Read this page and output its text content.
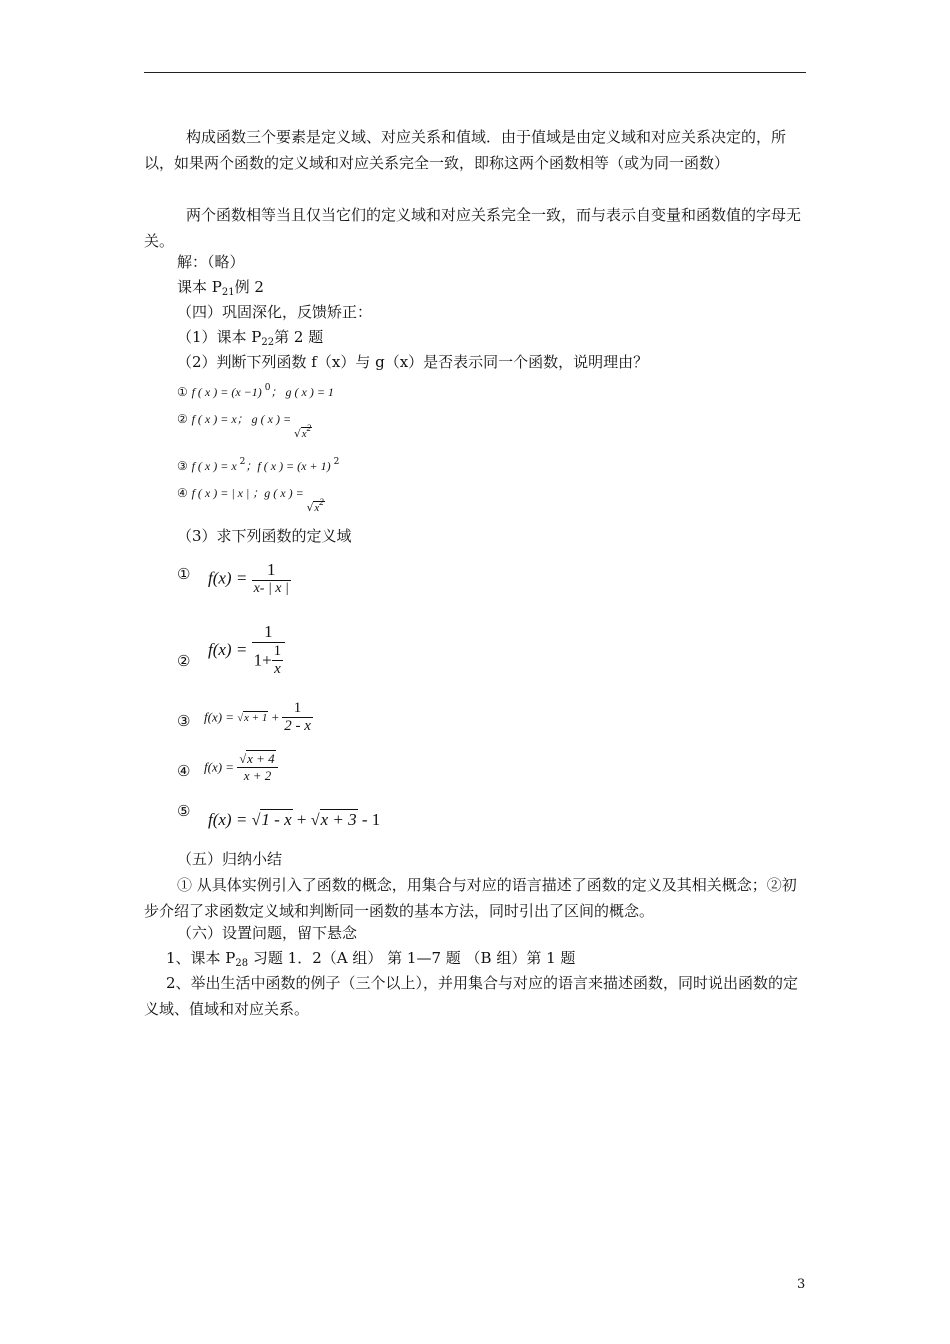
构成函数三个要素是定义域、对应关系和值域．由于值域是由定义域和对应关系决定的，所以，如果两个函数的定义域和对应关系完全一致，即称这两个函数相等（或为同一函数）
两个函数相等当且仅当它们的定义域和对应关系完全一致，而与表示自变量和函数值的字母无关。
解：（略）
课本 $P_{21}$例 2
（四）巩固深化，反馈矫正：
（1）课本 $P_{22}$第 2 题
（2）判断下列函数 f（x）与 g（x）是否表示同一个函数，说明理由？
① f ( x ) = (x −1) $^0$； g ( x ) = 1
② f ( x ) = x； g ( x ) = $√x^2$
③ f ( x ) = x $^2$；f ( x ) = (x + 1) $^2$
④ f ( x ) = | x | ；g ( x ) = $√x^2$
（3）求下列函数的定义域
① $f(x) = \frac{1}{x- | x |}$
②
$f(x) = \frac{1}{1+ \frac{1}{x}}$
③ $f(x) = √x + 1 + \frac{1}{2 - x}$
④ $f(x) = \frac{√x + 4}{x + 2}$
⑤ f(x) = √1 - x + √x + 3 - 1
（五）归纳小结
① 从具体实例引入了函数的概念，用集合与对应的语言描述了函数的定义及其相关概念；②初步介绍了求函数定义域和判断同一函数的基本方法，同时引出了区间的概念。
（六）设置问题，留下悬念
1、课本 $P_{28}$ 习题 1．2（A 组） 第 1—7 题 （B 组）第 1 题
2、举出生活中函数的例子（三个以上），并用集合与对应的语言来描述函数，同时说出函数的定义域、值域和对应关系。
3
